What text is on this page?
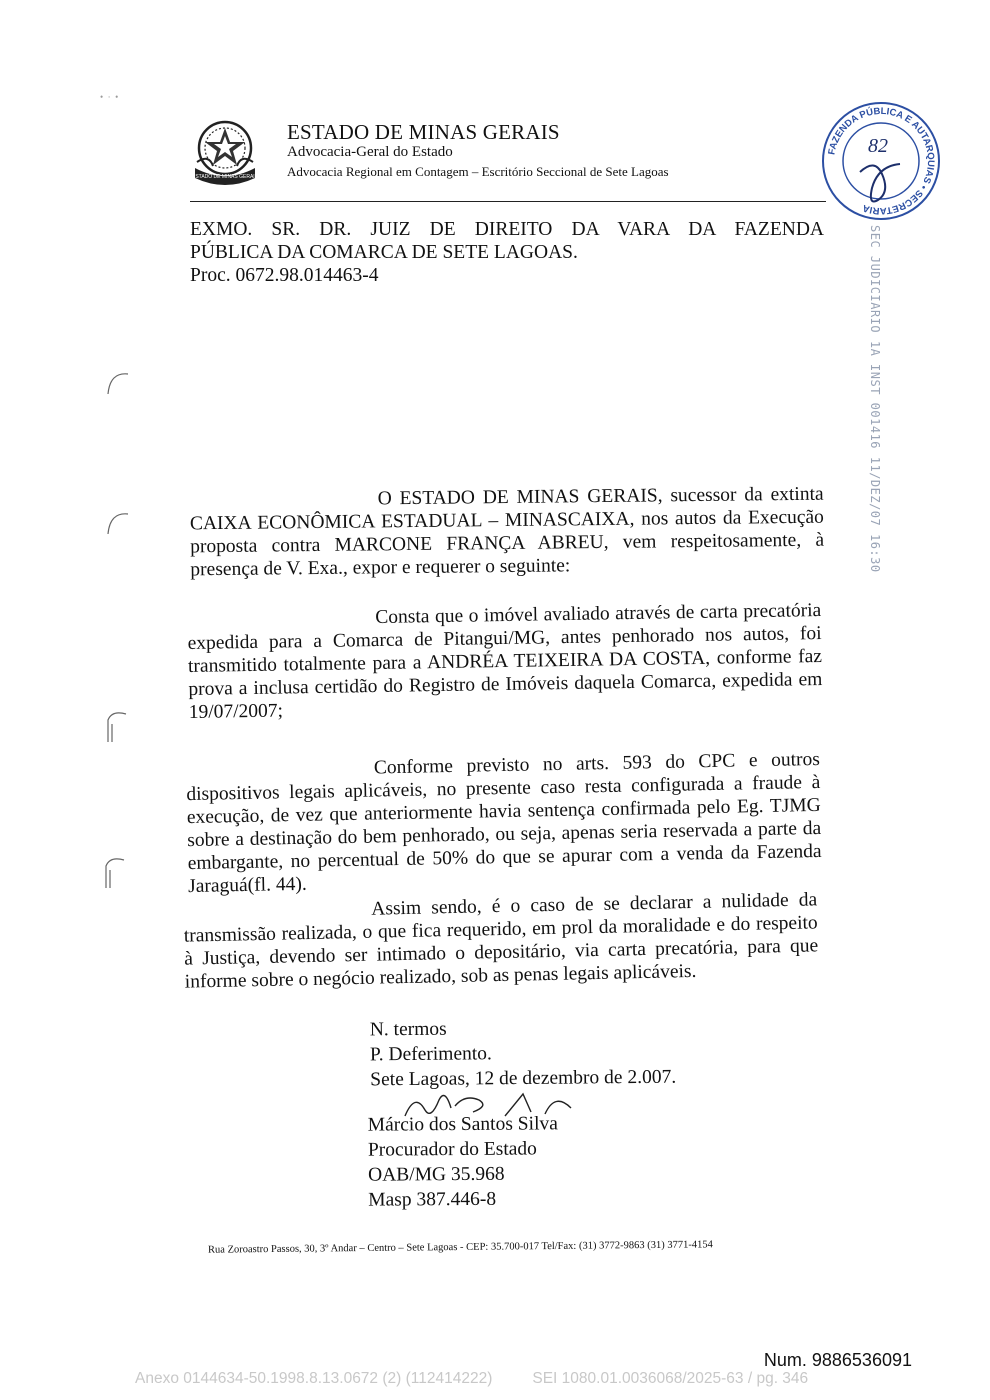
ESTADO DE MINAS GERAIS
ESTADO DE MINAS GERAIS
Advocacia-Geral do Estado
Advocacia Regional em Contagem – Escritório Seccional de Sete Lagoas
FAZENDA PÚBLICA E AUTARQUIAS • SECRETARIA
82
SEC JUDICIARIO 1A INST 001416 11/DEZ/07 16:30
•  ·  •
EXMO. SR. DR. JUIZ DE DIREITO DA VARA DA FAZENDA
PÚBLICA DA COMARCA DE SETE LAGOAS.
Proc. 0672.98.014463-4
O ESTADO DE MINAS GERAIS, sucessor da extinta CAIXA ECONÔMICA ESTADUAL – MINASCAIXA, nos autos da Execução proposta contra MARCONE FRANÇA ABREU, vem respeitosamente, à presença de V. Exa., expor e requerer o seguinte:
Consta que o imóvel avaliado através de carta precatória expedida para a Comarca de Pitangui/MG, antes penhorado nos autos, foi transmitido totalmente para a ANDRÉA TEIXEIRA DA COSTA, conforme faz prova a inclusa certidão do Registro de Imóveis daquela Comarca, expedida em 19/07/2007;
Conforme previsto no arts. 593 do CPC e outros dispositivos legais aplicáveis, no presente caso resta configurada a fraude à execução, de vez que anteriormente havia sentença confirmada pelo Eg. TJMG sobre a destinação do bem penhorado, ou seja, apenas seria reservada a parte da embargante, no percentual de 50% do que se apurar com a venda da Fazenda Jaraguá(fl. 44).
Assim sendo, é o caso de se declarar a nulidade da transmissão realizada, o que fica requerido, em prol da moralidade e do respeito à Justiça, devendo ser intimado o depositário, via carta precatória, para que informe sobre o negócio realizado, sob as penas legais aplicáveis.
N. termos
P. Deferimento.
Sete Lagoas, 12 de dezembro de 2.007.
Márcio dos Santos Silva
Procurador do Estado
OAB/MG 35.968
Masp 387.446-8
Rua Zoroastro Passos, 30, 3º Andar – Centro – Sete Lagoas - CEP: 35.700-017 Tel/Fax: (31) 3772-9863 (31) 3771-4154
Num. 9886536091
Anexo 0144634-50.1998.8.13.0672 (2) (112414222)	SEI 1080.01.0036068/2025-63 / pg. 346
